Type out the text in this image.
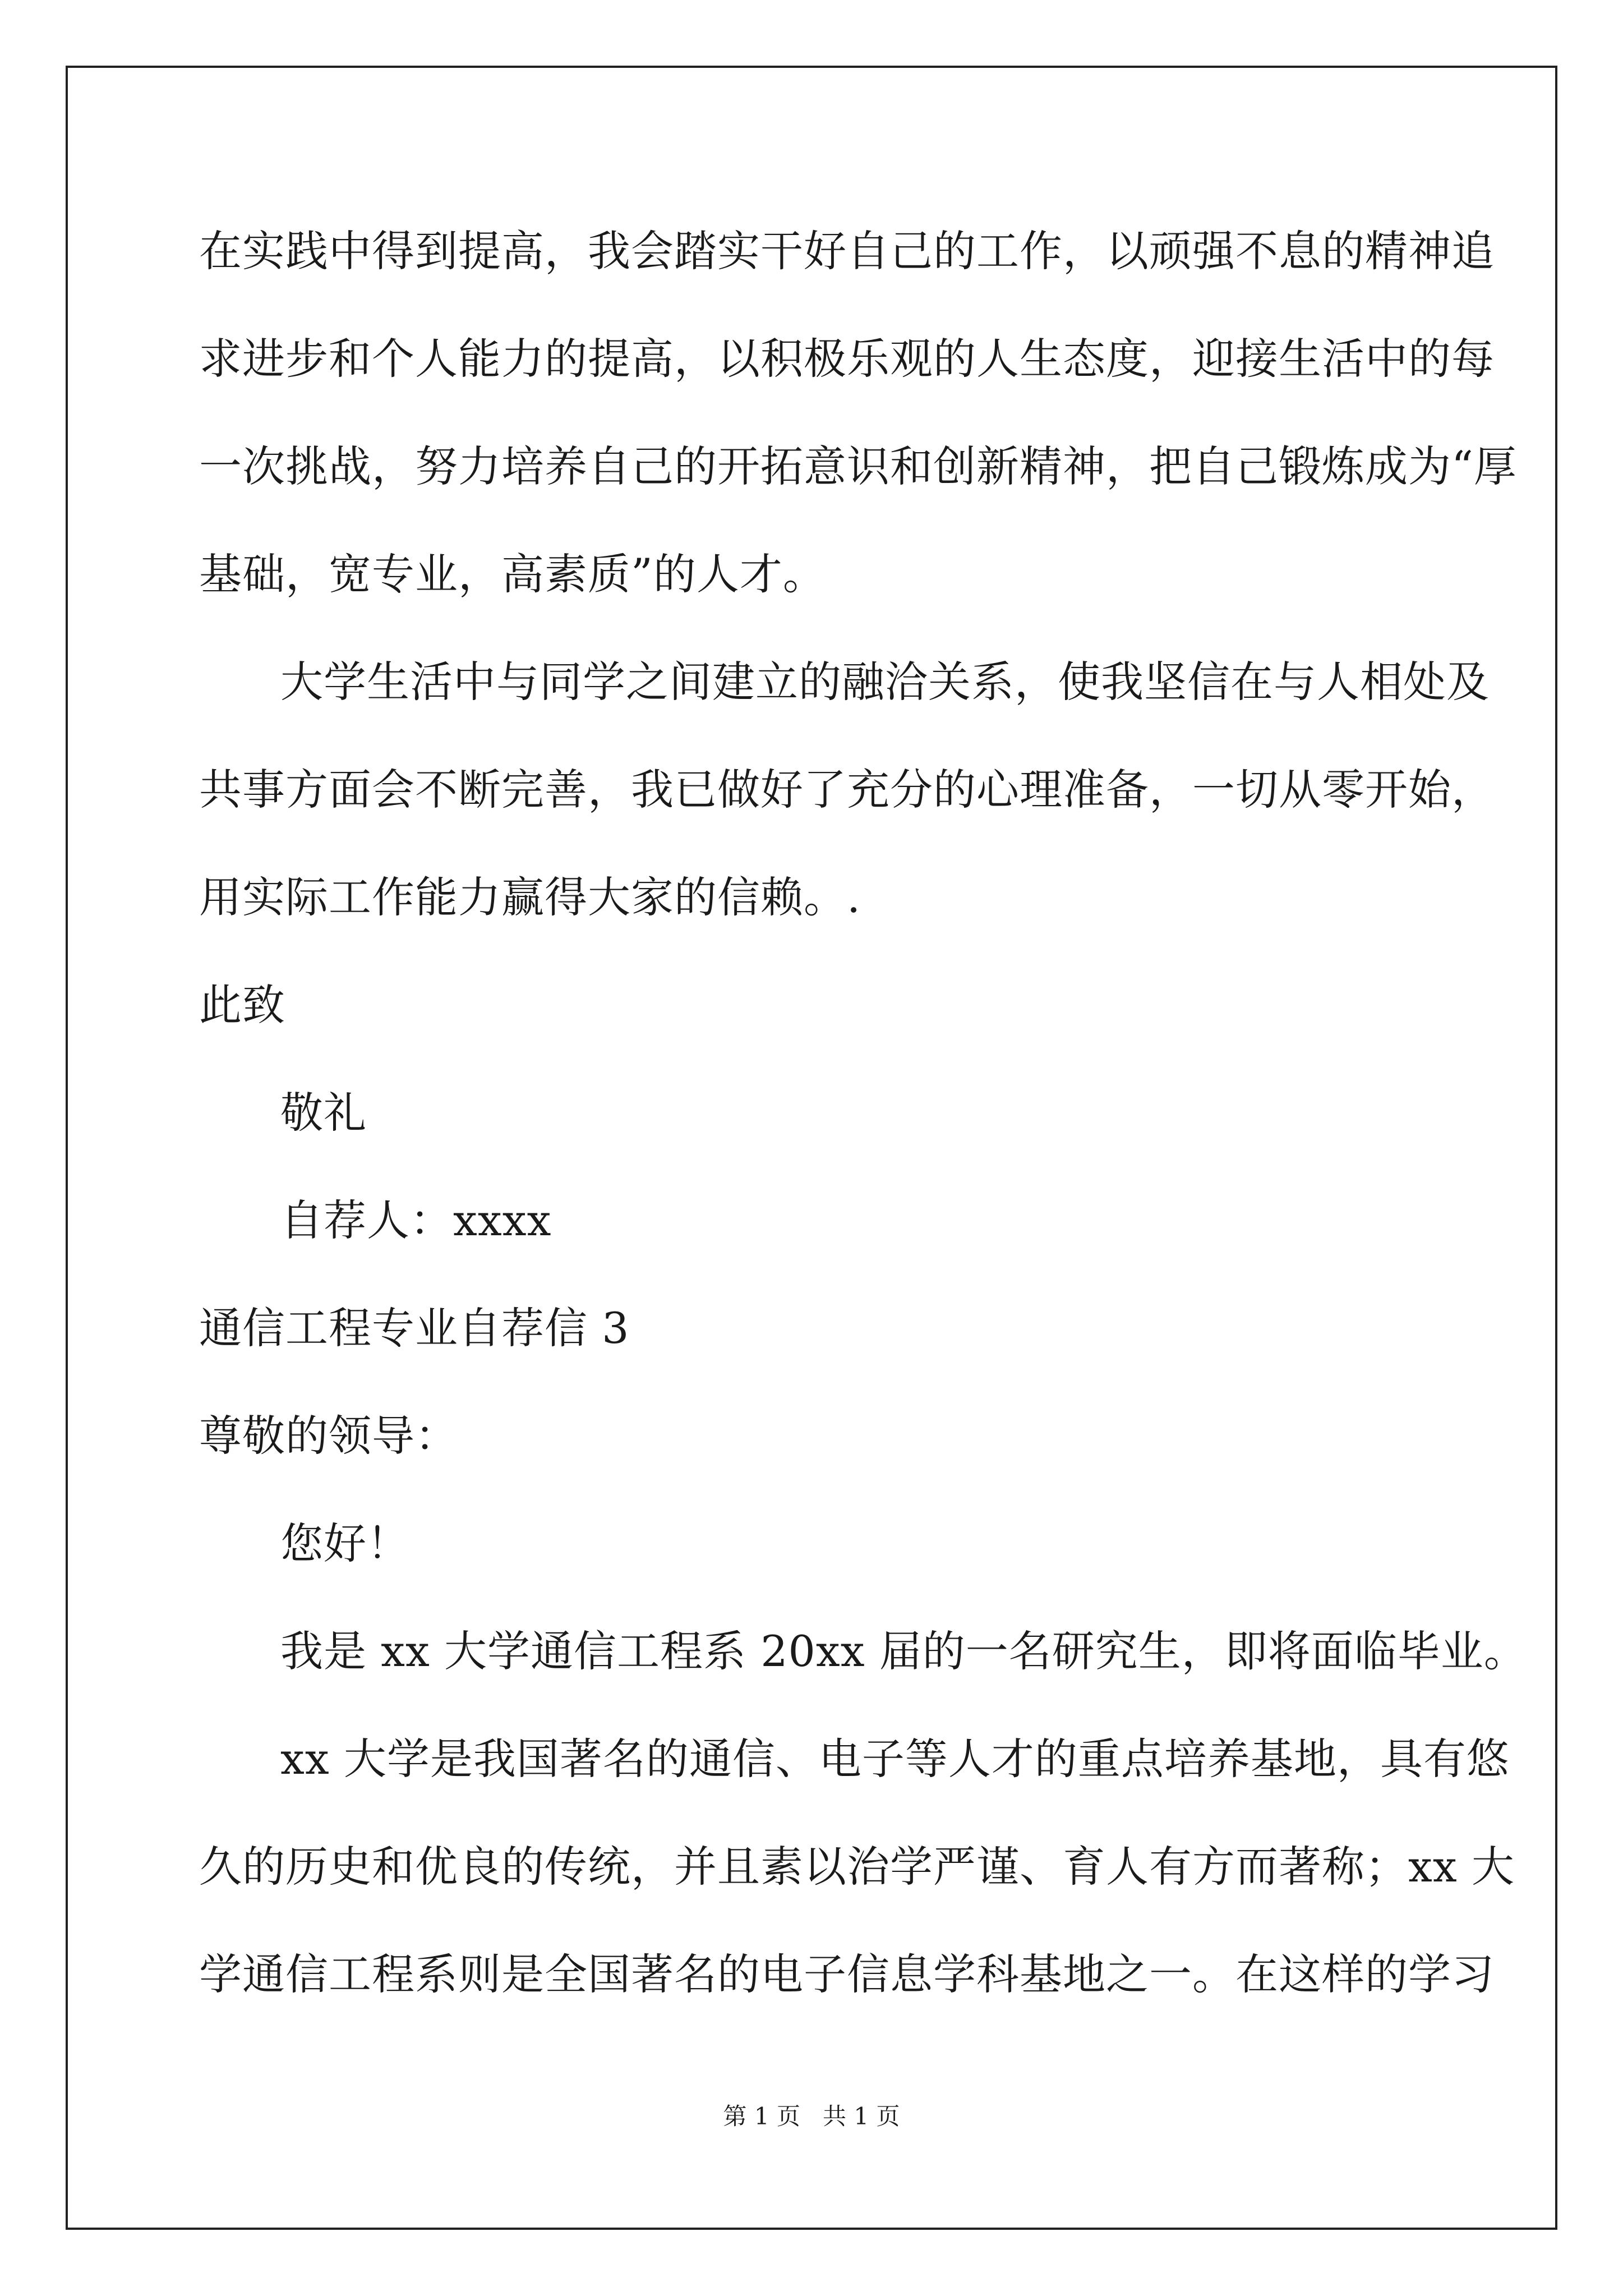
在实践中得到提高，我会踏实干好自己的工作，以顽强不息的精神追
求进步和个人能力的提高，以积极乐观的人生态度，迎接生活中的每
一次挑战，努力培养自己的开拓意识和创新精神，把自己锻炼成为“厚
基础，宽专业，高素质”的人才。
大学生活中与同学之间建立的融洽关系，使我坚信在与人相处及
共事方面会不断完善，我已做好了充分的心理准备，一切从零开始，
用实际工作能力赢得大家的信赖。.
此致
敬礼
自荐人：xxxx
通信工程专业自荐信 3
尊敬的领导：
您好！
我是 xx 大学通信工程系 20xx 届的一名研究生，即将面临毕业。
xx 大学是我国著名的通信、电子等人才的重点培养基地，具有悠
久的历史和优良的传统，并且素以治学严谨、育人有方而著称；xx 大
学通信工程系则是全国著名的电子信息学科基地之一。在这样的学习
第 1 页   共 1 页
